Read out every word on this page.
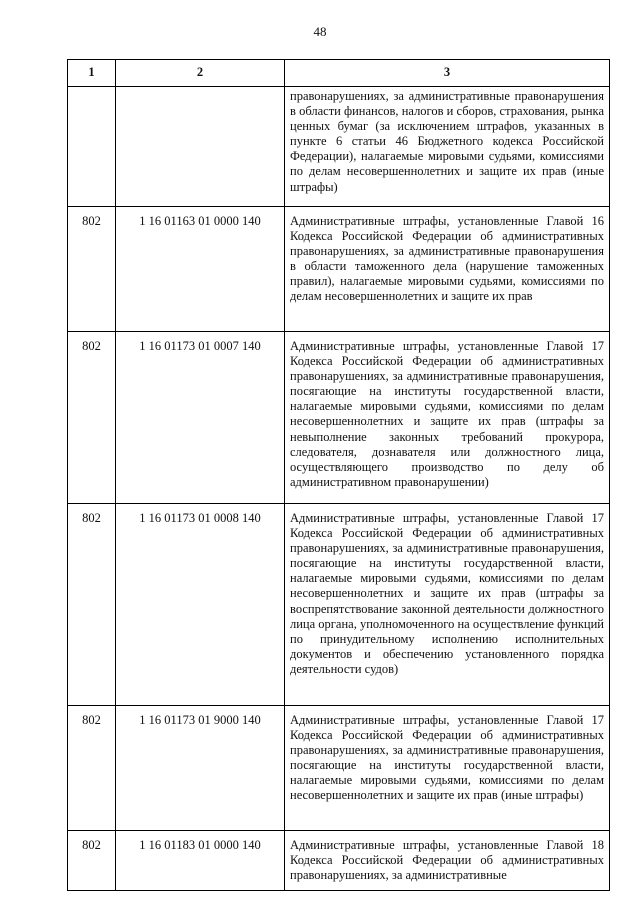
48
1	2	3
		правонарушениях, за административные правонарушения в области финансов, налогов и сборов, страхования, рынка ценных бумаг (за исключением штрафов, указанных в пункте 6 статьи 46 Бюджетного кодекса Российской Федерации), налагаемые мировыми судьями, комиссиями по делам несовершеннолетних и защите их прав (иные штрафы)
802	1 16 01163 01 0000 140	Административные штрафы, установленные Главой 16 Кодекса Российской Федерации об административных правонарушениях, за административные правонарушения в области таможенного дела (нарушение таможенных правил), налагаемые мировыми судьями, комиссиями по делам несовершеннолетних и защите их прав
802	1 16 01173 01 0007 140	Административные штрафы, установленные Главой 17 Кодекса Российской Федерации об административных правонарушениях, за административные правонарушения, посягающие на институты государственной власти, налагаемые мировыми судьями, комиссиями по делам несовершеннолетних и защите их прав (штрафы за невыполнение законных требований прокурора, следователя, дознавателя или должностного лица, осуществляющего производство по делу об административном правонарушении)
802	1 16 01173 01 0008 140	Административные штрафы, установленные Главой 17 Кодекса Российской Федерации об административных правонарушениях, за административные правонарушения, посягающие на институты государственной власти, налагаемые мировыми судьями, комиссиями по делам несовершеннолетних и защите их прав (штрафы за воспрепятствование законной деятельности должностного лица органа, уполномоченного на осуществление функций по принудительному исполнению исполнительных документов и обеспечению установленного порядка деятельности судов)
802	1 16 01173 01 9000 140	Административные штрафы, установленные Главой 17 Кодекса Российской Федерации об административных правонарушениях, за административные правонарушения, посягающие на институты государственной власти, налагаемые мировыми судьями, комиссиями по делам несовершеннолетних и защите их прав (иные штрафы)
802	1 16 01183 01 0000 140	Административные штрафы, установленные Главой 18 Кодекса Российской Федерации об административных правонарушениях, за административные
